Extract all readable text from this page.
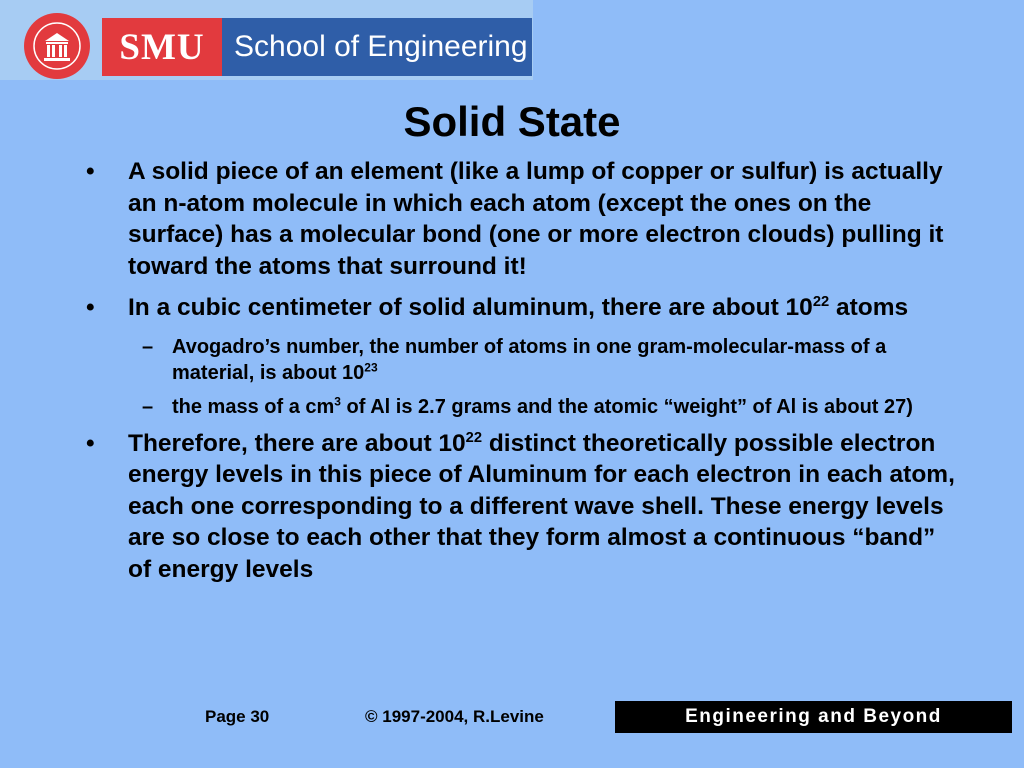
SMU School of Engineering
Solid State
• A solid piece of an element (like a lump of copper or sulfur) is actually an n-atom molecule in which each atom (except the ones on the surface) has a molecular bond (one or more electron clouds) pulling it toward the atoms that surround it!
• In a cubic centimeter of solid aluminum, there are about $10^{22}$ atoms
– Avogadro’s number, the number of atoms in one gram-molecular-mass of a material, is about $10^{23}$
– the mass of a $cm^3$ of Al is 2.7 grams and the atomic “weight” of Al is about 27)
• Therefore, there are about $10^{22}$ distinct theoretically possible electron energy levels in this piece of Aluminum for each electron in each atom, each one corresponding to a different wave shell. These energy levels are so close to each other that they form almost a continuous “band” of energy levels
Page 30	© 1997-2004, R.Levine	Engineering and Beyond
